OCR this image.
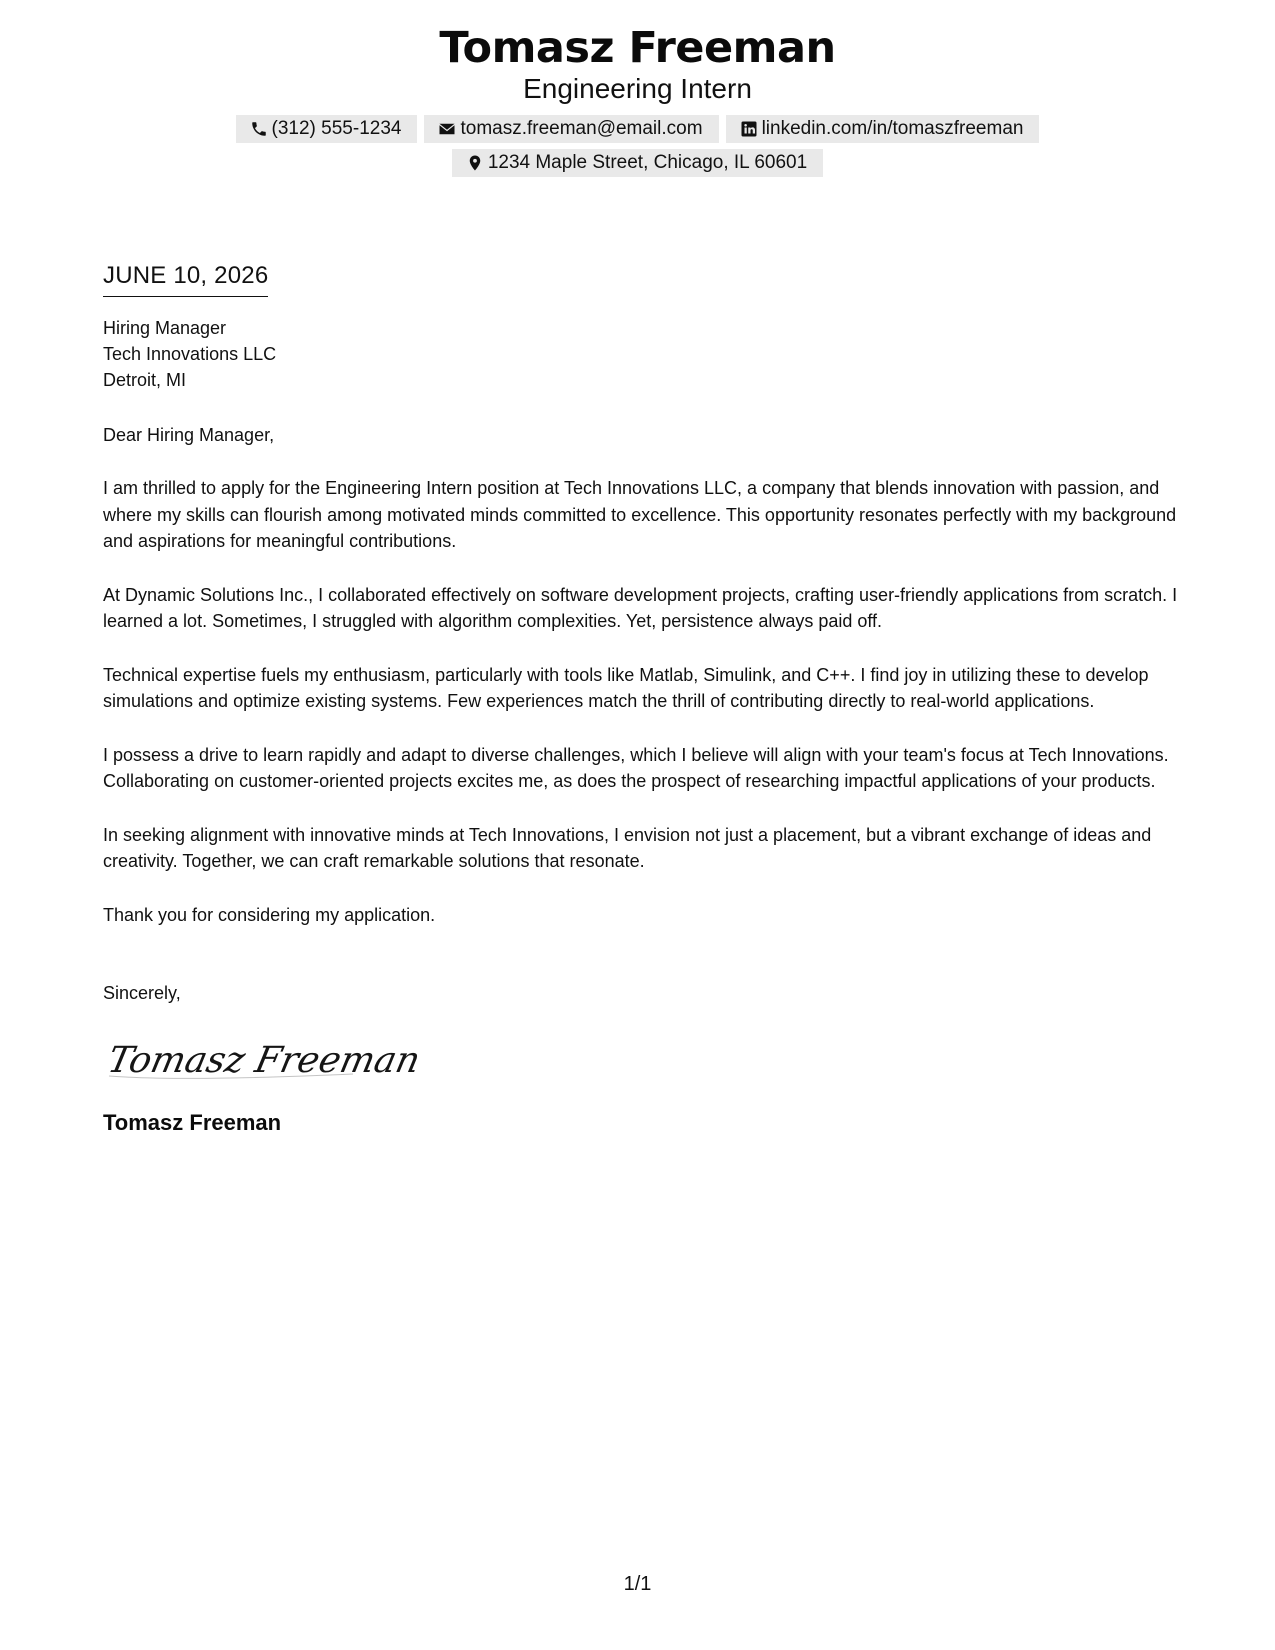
Tomasz Freeman
Engineering Intern
(312) 555-1234	tomasz.freeman@email.com	linkedin.com/in/tomaszfreeman
1234 Maple Street, Chicago, IL 60601
JUNE 10, 2026
Hiring Manager
Tech Innovations LLC
Detroit, MI
Dear Hiring Manager,
I am thrilled to apply for the Engineering Intern position at Tech Innovations LLC, a company that blends innovation with passion, and where my skills can flourish among motivated minds committed to excellence. This opportunity resonates perfectly with my background and aspirations for meaningful contributions.
At Dynamic Solutions Inc., I collaborated effectively on software development projects, crafting user-friendly applications from scratch. I learned a lot. Sometimes, I struggled with algorithm complexities. Yet, persistence always paid off.
Technical expertise fuels my enthusiasm, particularly with tools like Matlab, Simulink, and C++. I find joy in utilizing these to develop simulations and optimize existing systems. Few experiences match the thrill of contributing directly to real-world applications.
I possess a drive to learn rapidly and adapt to diverse challenges, which I believe will align with your team's focus at Tech Innovations. Collaborating on customer-oriented projects excites me, as does the prospect of researching impactful applications of your products.
In seeking alignment with innovative minds at Tech Innovations, I envision not just a placement, but a vibrant exchange of ideas and creativity. Together, we can craft remarkable solutions that resonate.
Thank you for considering my application.
Sincerely,
Tomasz Freeman
Tomasz Freeman
1/1
